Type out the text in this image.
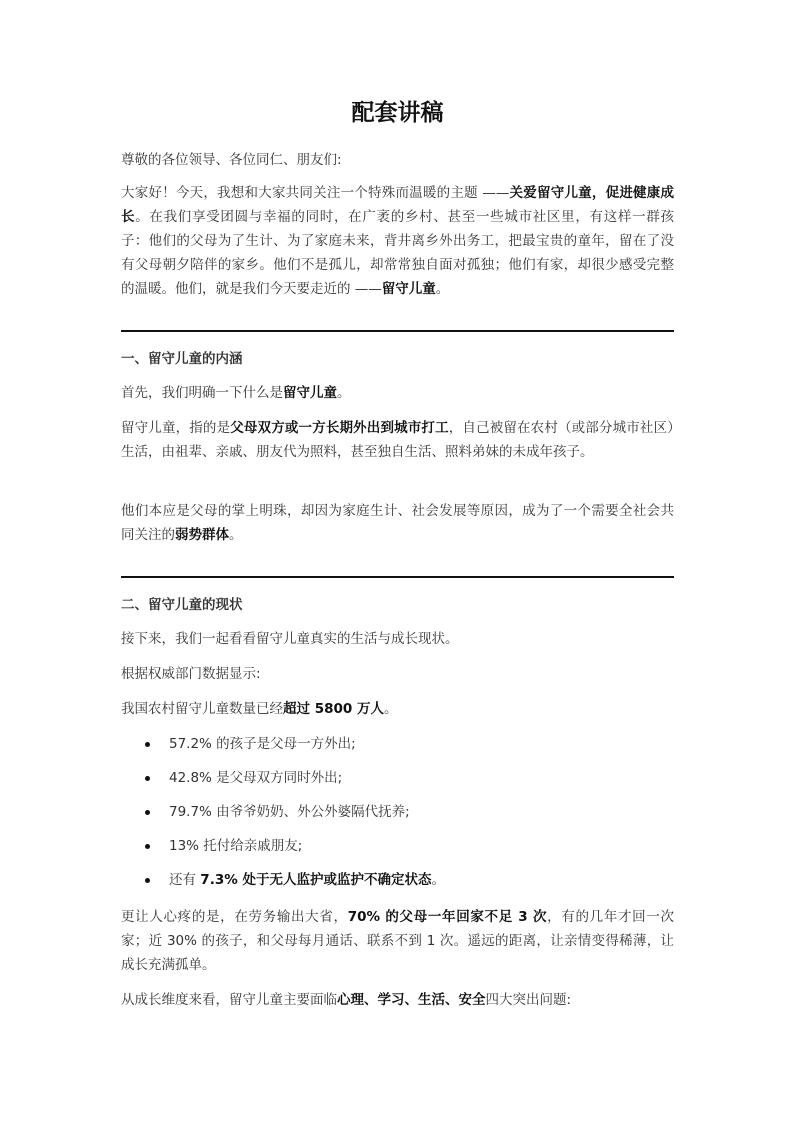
配套讲稿

尊敬的各位领导、各位同仁、朋友们:

大家好！今天，我想和大家共同关注一个特殊而温暖的主题 ——关爱留守儿童，促进健康成长。在我们享受团圆与幸福的同时，在广袤的乡村、甚至一些城市社区里，有这样一群孩子：他们的父母为了生计、为了家庭未来，背井离乡外出务工，把最宝贵的童年，留在了没有父母朝夕陪伴的家乡。他们不是孤儿，却常常独自面对孤独；他们有家，却很少感受完整的温暖。他们，就是我们今天要走近的 ——留守儿童。

一、留守儿童的内涵

首先，我们明确一下什么是留守儿童。

留守儿童，指的是父母双方或一方长期外出到城市打工，自己被留在农村（或部分城市社区）生活，由祖辈、亲戚、朋友代为照料，甚至独自生活、照料弟妹的未成年孩子。

他们本应是父母的掌上明珠，却因为家庭生计、社会发展等原因，成为了一个需要全社会共同关注的弱势群体。

二、留守儿童的现状

接下来，我们一起看看留守儿童真实的生活与成长现状。

根据权威部门数据显示:

我国农村留守儿童数量已经超过 5800 万人。

57.2% 的孩子是父母一方外出;
42.8% 是父母双方同时外出;
79.7% 由爷爷奶奶、外公外婆隔代抚养;
13% 托付给亲戚朋友;
还有 7.3% 处于无人监护或监护不确定状态。

更让人心疼的是，在劳务输出大省，70% 的父母一年回家不足 3 次，有的几年才回一次家；近 30% 的孩子，和父母每月通话、联系不到 1 次。遥远的距离，让亲情变得稀薄，让成长充满孤单。

从成长维度来看，留守儿童主要面临心理、学习、生活、安全四大突出问题:
